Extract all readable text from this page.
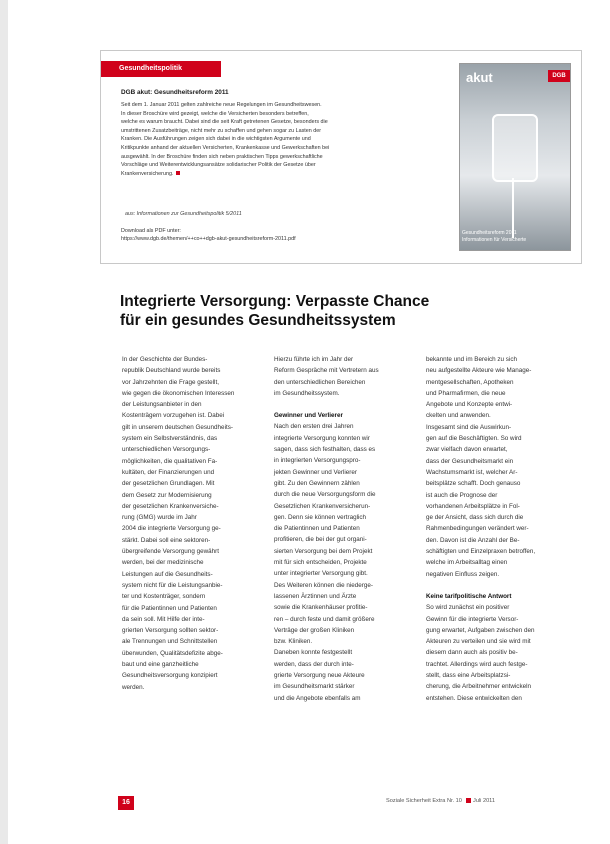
Gesundheitspolitik
DGB akut: Gesundheitsreform 2011

Seit dem 1. Januar 2011 gelten zahlreiche neue Regelungen im Gesundheitswesen.

In dieser Broschüre wird gezeigt, welche die Versicherten besonders betreffen,

welche es warum braucht. Dabei sind die seit Kraft getretenen Gesetze, besonders die

umstrittenen Zusatzbeiträge, nicht mehr zu schaffen und gehen sogar zu Lasten der

Kranken. Die Ausführungen zeigen sich dabei in die wichtigsten Argumente und

Kritikpunkte anhand der aktuellen Versicherten, Krankenkasse und Gewerkschaften bei

ausgewählt. In der Broschüre finden sich neben praktischen Tipps gewerkschaftliche

Vorschläge und Weiterentwicklungsansätze solidarischer Politik der Gesetze über

Krankenversicherung.

aus: Informationen zur Gesundheitspolitik 5/2011

Download als PDF unter:

https://www.dgb.de/themen/++co++dgb-akut-gesundheitsreform-2011.pdf

akut	DGB
Gesundheitsreform 2011
Informationen für Versicherte
Integrierte Versorgung: Verpasste Chance
für ein gesundes Gesundheitssystem

In der Geschichte der Bundes-

republik Deutschland wurde bereits

vor Jahrzehnten die Frage gestellt,

wie gegen die ökonomischen Interessen

der Leistungsanbieter in den

Kostenträgern vorzugehen ist. Dabei

gilt in unserem deutschen Gesundheits-

system ein Selbstverständnis, das

unterschiedlichen Versorgungs-

möglichkeiten, die qualitativen Fa-

kultäten, der Finanzierungen und

der gesetzlichen Grundlagen. Mit

dem Gesetz zur Modernisierung

der gesetzlichen Krankenversiche-

rung (GMG) wurde im Jahr

2004 die integrierte Versorgung ge-

stärkt. Dabei soll eine sektoren-

übergreifende Versorgung gewährt

werden, bei der medizinische

Leistungen auf die Gesundheits-

system nicht für die Leistungsanbie-

ter und Kostenträger, sondern

für die Patientinnen und Patienten

da sein soll. Mit Hilfe der inte-

grierten Versorgung sollten sektor-

ale Trennungen und Schnittstellen

überwunden, Qualitätsdefizite abge-

baut und eine ganzheitliche

Gesundheitsversorgung konzipiert

werden.

Hierzu führte ich im Jahr der

Reform Gespräche mit Vertretern aus

den unterschiedlichen Bereichen

im Gesundheitssystem.

Gewinner und Verlierer

Nach den ersten drei Jahren

integrierte Versorgung konnten wir

sagen, dass sich festhalten, dass es

in integrierten Versorgungspro-

jekten Gewinner und Verlierer

gibt. Zu den Gewinnern zählen

durch die neue Versorgungsform die

Gesetzlichen Krankenversicherun-

gen. Denn sie können vertraglich

die Patientinnen und Patienten

profitieren, die bei der gut organi-

sierten Versorgung bei dem Projekt

mit für sich entscheiden, Projekte

unter integrierter Versorgung gibt.

Des Weiteren können die niederge-

lassenen Ärztinnen und Ärzte

sowie die Krankenhäuser profitie-

ren – durch feste und damit größere

Verträge der großen Kliniken

bzw. Kliniken.

Daneben konnte festgestellt

werden, dass der durch inte-

grierte Versorgung neue Akteure

im Gesundheitsmarkt stärker

und die Angebote ebenfalls am

bekannte und im Bereich zu sich

neu aufgestellte Akteure wie Manage-

mentgesellschaften, Apotheken

und Pharmafirmen, die neue

Angebote und Konzepte entwi-

ckelten und anwenden.

Insgesamt sind die Auswirkun-

gen auf die Beschäftigten. So wird

zwar vielfach davon erwartet,

dass der Gesundheitsmarkt ein

Wachstumsmarkt ist, welcher Ar-

beitsplätze schafft. Doch genauso

ist auch die Prognose der

vorhandenen Arbeitsplätze in Fol-

ge der Ansicht, dass sich durch die

Rahmenbedingungen verändert wer-

den. Davon ist die Anzahl der Be-

schäftigten und Einzelpraxen betroffen,

welche im Arbeitsalltag einen

negativen Einfluss zeigen.

Keine tarifpolitische Antwort

So wird zunächst ein positiver

Gewinn für die integrierte Versor-

gung erwartet, Aufgaben zwischen den

Akteuren zu verteilen und sie wird mit

diesem dann auch als positiv be-

trachtet. Allerdings wird auch festge-

stellt, dass eine Arbeitsplatzsi-

cherung, die Arbeitnehmer entwickeln

entstehen. Diese entwickelten den

16	Soziale Sicherheit Extra Nr. 10 Juli 2011
